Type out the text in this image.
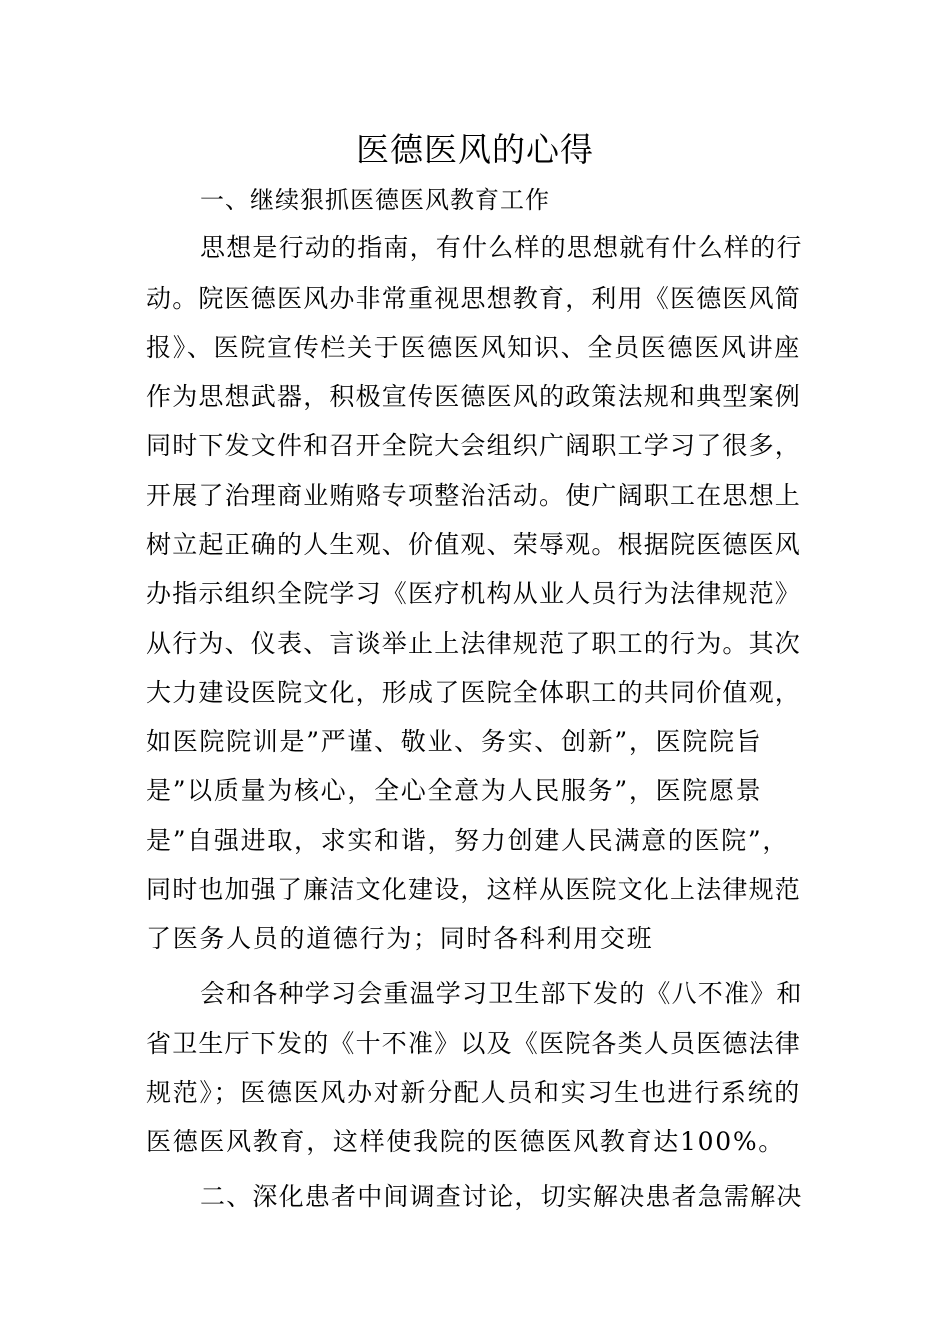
医德医风的心得
一、继续狠抓医德医风教育工作
思想是行动的指南，有什么样的思想就有什么样的行
动。院医德医风办非常重视思想教育，利用《医德医风简
报》、医院宣传栏关于医德医风知识、全员医德医风讲座
作为思想武器，积极宣传医德医风的政策法规和典型案例
同时下发文件和召开全院大会组织广阔职工学习了很多，
开展了治理商业贿赂专项整治活动。使广阔职工在思想上
树立起正确的人生观、价值观、荣辱观。根据院医德医风
办指示组织全院学习《医疗机构从业人员行为法律规范》
从行为、仪表、言谈举止上法律规范了职工的行为。其次
大力建设医院文化，形成了医院全体职工的共同价值观，
如医院院训是”严谨、敬业、务实、创新”，医院院旨
是”以质量为核心，全心全意为人民服务”，医院愿景
是”自强进取，求实和谐，努力创建人民满意的医院”，
同时也加强了廉洁文化建设，这样从医院文化上法律规范
了医务人员的道德行为；同时各科利用交班
会和各种学习会重温学习卫生部下发的《八不准》和
省卫生厅下发的《十不准》以及《医院各类人员医德法律
规范》；医德医风办对新分配人员和实习生也进行系统的
医德医风教育，这样使我院的医德医风教育达100%。
二、深化患者中间调查讨论，切实解决患者急需解决
